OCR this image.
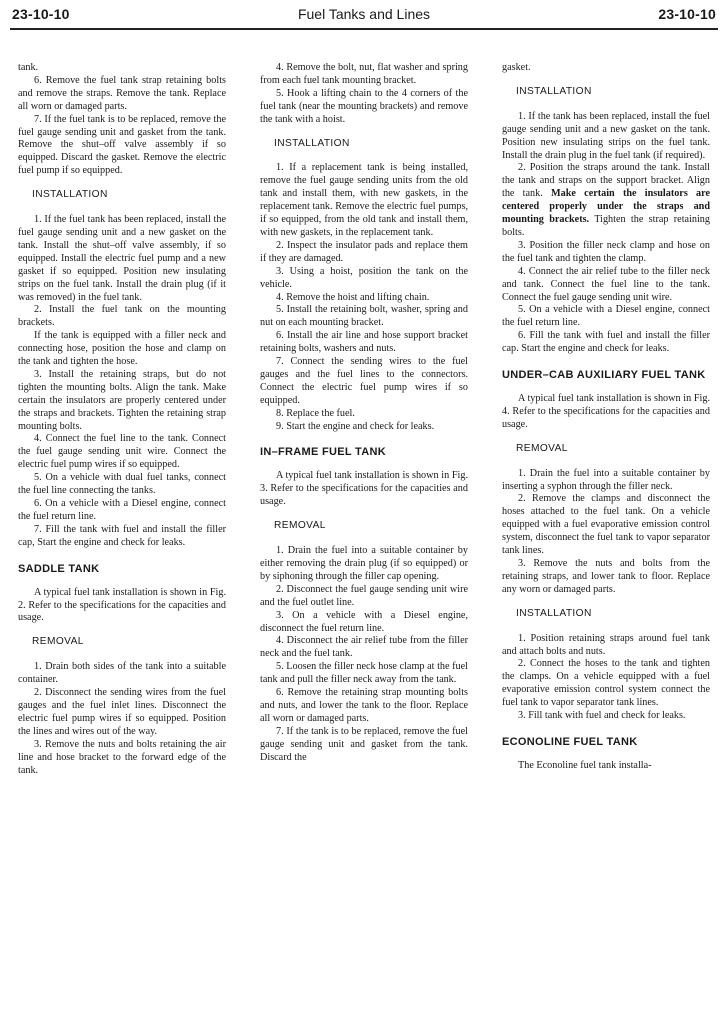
23-10-10	Fuel Tanks and Lines	23-10-10

tank.

6. Remove the fuel tank strap retaining bolts and remove the straps. Remove the tank. Replace all worn or damaged parts.

7. If the fuel tank is to be replaced, remove the fuel gauge sending unit and gasket from the tank. Remove the shut–off valve assembly if so equipped. Discard the gasket. Remove the electric fuel pump if so equipped.

INSTALLATION

1. If the fuel tank has been replaced, install the fuel gauge sending unit and a new gasket on the tank. Install the shut–off valve assembly, if so equipped. Install the electric fuel pump and a new gasket if so equipped. Position new insulating strips on the fuel tank. Install the drain plug (if it was removed) in the fuel tank.

2. Install the fuel tank on the mounting brackets.

If the tank is equipped with a filler neck and connecting hose, position the hose and clamp on the tank and tighten the hose.

3. Install the retaining straps, but do not tighten the mounting bolts. Align the tank. Make certain the insulators are properly centered under the straps and brackets. Tighten the retaining strap mounting bolts.

4. Connect the fuel line to the tank. Connect the fuel gauge sending unit wire. Connect the electric fuel pump wires if so equipped.

5. On a vehicle with dual fuel tanks, connect the fuel line connecting the tanks.

6. On a vehicle with a Diesel engine, connect the fuel return line.

7. Fill the tank with fuel and install the filler cap, Start the engine and check for leaks.

SADDLE TANK

A typical fuel tank installation is shown in Fig. 2. Refer to the specifications for the capacities and usage.

REMOVAL

1. Drain both sides of the tank into a suitable container.

2. Disconnect the sending wires from the fuel gauges and the fuel inlet lines. Disconnect the electric fuel pump wires if so equipped. Position the lines and wires out of the way.

3. Remove the nuts and bolts retaining the air line and hose bracket to the forward edge of the tank.

4. Remove the bolt, nut, flat washer and spring from each fuel tank mounting bracket.

5. Hook a lifting chain to the 4 corners of the fuel tank (near the mounting brackets) and remove the tank with a hoist.

INSTALLATION

1. If a replacement tank is being installed, remove the fuel gauge sending units from the old tank and install them, with new gaskets, in the replacement tank. Remove the electric fuel pumps, if so equipped, from the old tank and install them, with new gaskets, in the replacement tank.

2. Inspect the insulator pads and replace them if they are damaged.

3. Using a hoist, position the tank on the vehicle.

4. Remove the hoist and lifting chain.

5. Install the retaining bolt, washer, spring and nut on each mounting bracket.

6. Install the air line and hose support bracket retaining bolts, washers and nuts.

7. Connect the sending wires to the fuel gauges and the fuel lines to the connectors. Connect the electric fuel pump wires if so equipped.

8. Replace the fuel.

9. Start the engine and check for leaks.

IN–FRAME FUEL TANK

A typical fuel tank installation is shown in Fig. 3. Refer to the specifications for the capacities and usage.

REMOVAL

1. Drain the fuel into a suitable container by either removing the drain plug (if so equipped) or by siphoning through the filler cap opening.

2. Disconnect the fuel gauge sending unit wire and the fuel outlet line.

3. On a vehicle with a Diesel engine, disconnect the fuel return line.

4. Disconnect the air relief tube from the filler neck and the fuel tank.

5. Loosen the filler neck hose clamp at the fuel tank and pull the filler neck away from the tank.

6. Remove the retaining strap mounting bolts and nuts, and lower the tank to the floor. Replace all worn or damaged parts.

7. If the tank is to be replaced, remove the fuel gauge sending unit and gasket from the tank. Discard the

gasket.

INSTALLATION

1. If the tank has been replaced, install the fuel gauge sending unit and a new gasket on the tank. Position new insulating strips on the fuel tank. Install the drain plug in the fuel tank (if required).

2. Position the straps around the tank. Install the tank and straps on the support bracket. Align the tank. Make certain the insulators are centered properly under the straps and mounting brackets. Tighten the strap retaining bolts.

3. Position the filler neck clamp and hose on the fuel tank and tighten the clamp.

4. Connect the air relief tube to the filler neck and tank. Connect the fuel line to the tank. Connect the fuel gauge sending unit wire.

5. On a vehicle with a Diesel engine, connect the fuel return line.

6. Fill the tank with fuel and install the filler cap. Start the engine and check for leaks.

UNDER–CAB AUXILIARY FUEL TANK

A typical fuel tank installation is shown in Fig. 4. Refer to the specifications for the capacities and usage.

REMOVAL

1. Drain the fuel into a suitable container by inserting a syphon through the filler neck.

2. Remove the clamps and disconnect the hoses attached to the fuel tank. On a vehicle equipped with a fuel evaporative emission control system, disconnect the fuel tank to vapor separator tank lines.

3. Remove the nuts and bolts from the retaining straps, and lower tank to floor. Replace any worn or damaged parts.

INSTALLATION

1. Position retaining straps around fuel tank and attach bolts and nuts.

2. Connect the hoses to the tank and tighten the clamps. On a vehicle equipped with a fuel evaporative emission control system connect the fuel tank to vapor separator tank lines.

3. Fill tank with fuel and check for leaks.

ECONOLINE FUEL TANK

The Econoline fuel tank installa-
